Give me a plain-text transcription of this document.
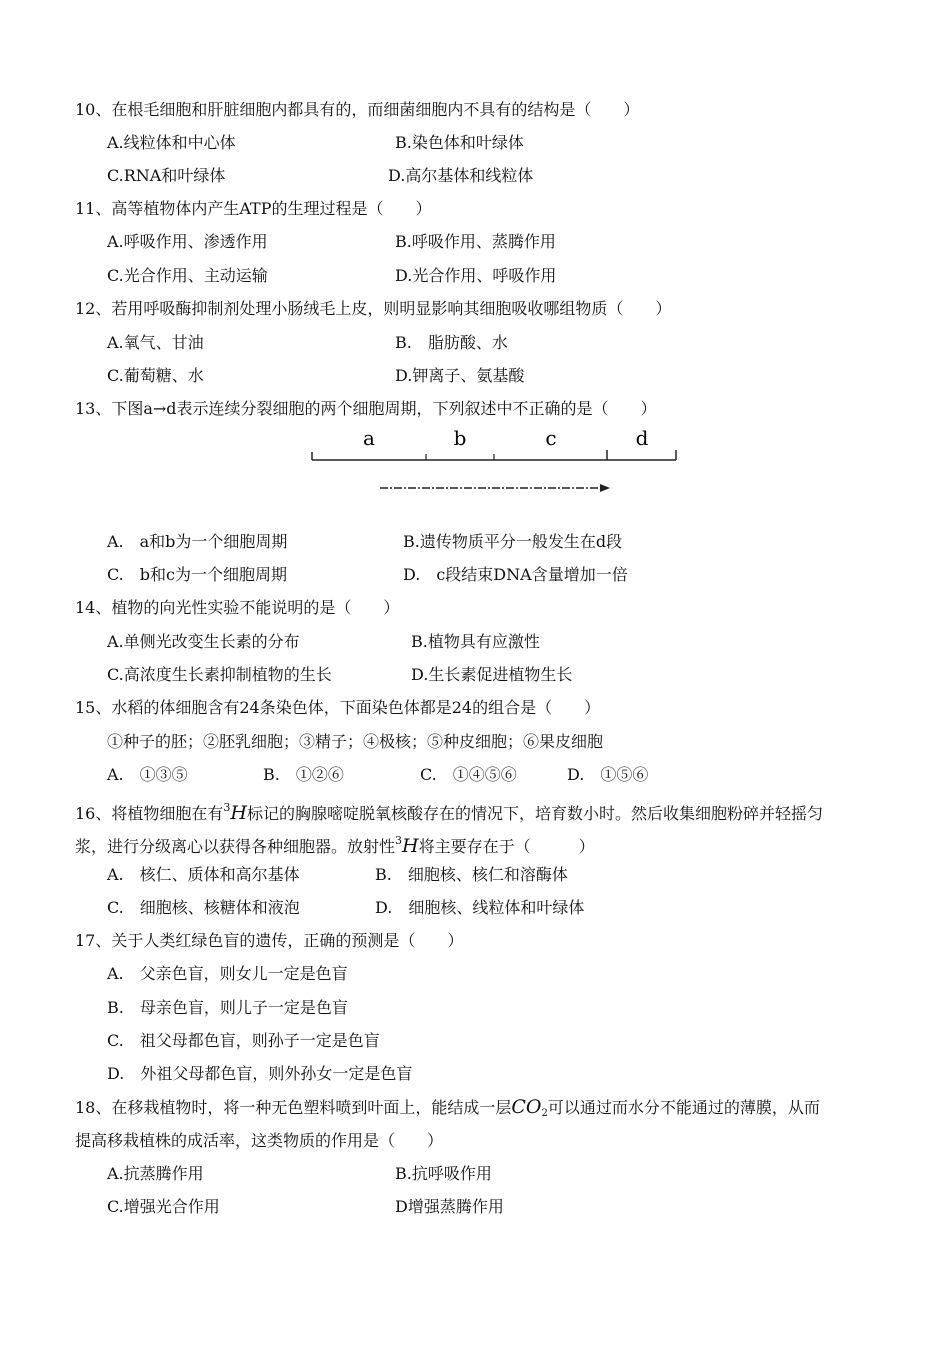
10、在根毛细胞和肝脏细胞内都具有的，而细菌细胞内不具有的结构是（　　）
A.线粒体和中心体	B.染色体和叶绿体
C.RNA和叶绿体	D.高尔基体和线粒体
11、高等植物体内产生ATP的生理过程是（　　）
A.呼吸作用、渗透作用	B.呼吸作用、蒸腾作用
C.光合作用、主动运输	D.光合作用、呼吸作用
12、若用呼吸酶抑制剂处理小肠绒毛上皮，则明显影响其细胞吸收哪组物质（　　）
A.氧气、甘油	B.　脂肪酸、水
C.葡萄糖、水	D.钾离子、氨基酸
13、下图a→d表示连续分裂细胞的两个细胞周期，下列叙述中不正确的是（　　）
a	b	c	d
A.　a和b为一个细胞周期	B.遗传物质平分一般发生在d段
C.　b和c为一个细胞周期	D.　c段结束DNA含量增加一倍
14、植物的向光性实验不能说明的是（　　）
A.单侧光改变生长素的分布	B.植物具有应激性
C.高浓度生长素抑制植物的生长	D.生长素促进植物生长
15、水稻的体细胞含有24条染色体，下面染色体都是24的组合是（　　）
①种子的胚；②胚乳细胞；③精子；④极核；⑤种皮细胞；⑥果皮细胞
A.　①③⑤	B.　①②⑥	C.　①④⑤⑥	D.　①⑤⑥
16、将植物细胞在有$^3$H标记的胸腺嘧啶脱氧核酸存在的情况下，培育数小时。然后收集细胞粉碎并轻摇匀
浆，进行分级离心以获得各种细胞器。放射性$^3$H将主要存在于（　　　）
A.　核仁、质体和高尔基体	B.　细胞核、核仁和溶酶体
C.　细胞核、核糖体和液泡	D.　细胞核、线粒体和叶绿体
17、关于人类红绿色盲的遗传，正确的预测是（　　）
A.　父亲色盲，则女儿一定是色盲
B.　母亲色盲，则儿子一定是色盲
C.　祖父母都色盲，则孙子一定是色盲
D.　外祖父母都色盲，则外孙女一定是色盲
18、在移栽植物时，将一种无色塑料喷到叶面上，能结成一层$CO_2$可以通过而水分不能通过的薄膜，从而
提高移栽植株的成活率，这类物质的作用是（　　）
A.抗蒸腾作用	B.抗呼吸作用
C.增强光合作用	D增强蒸腾作用
